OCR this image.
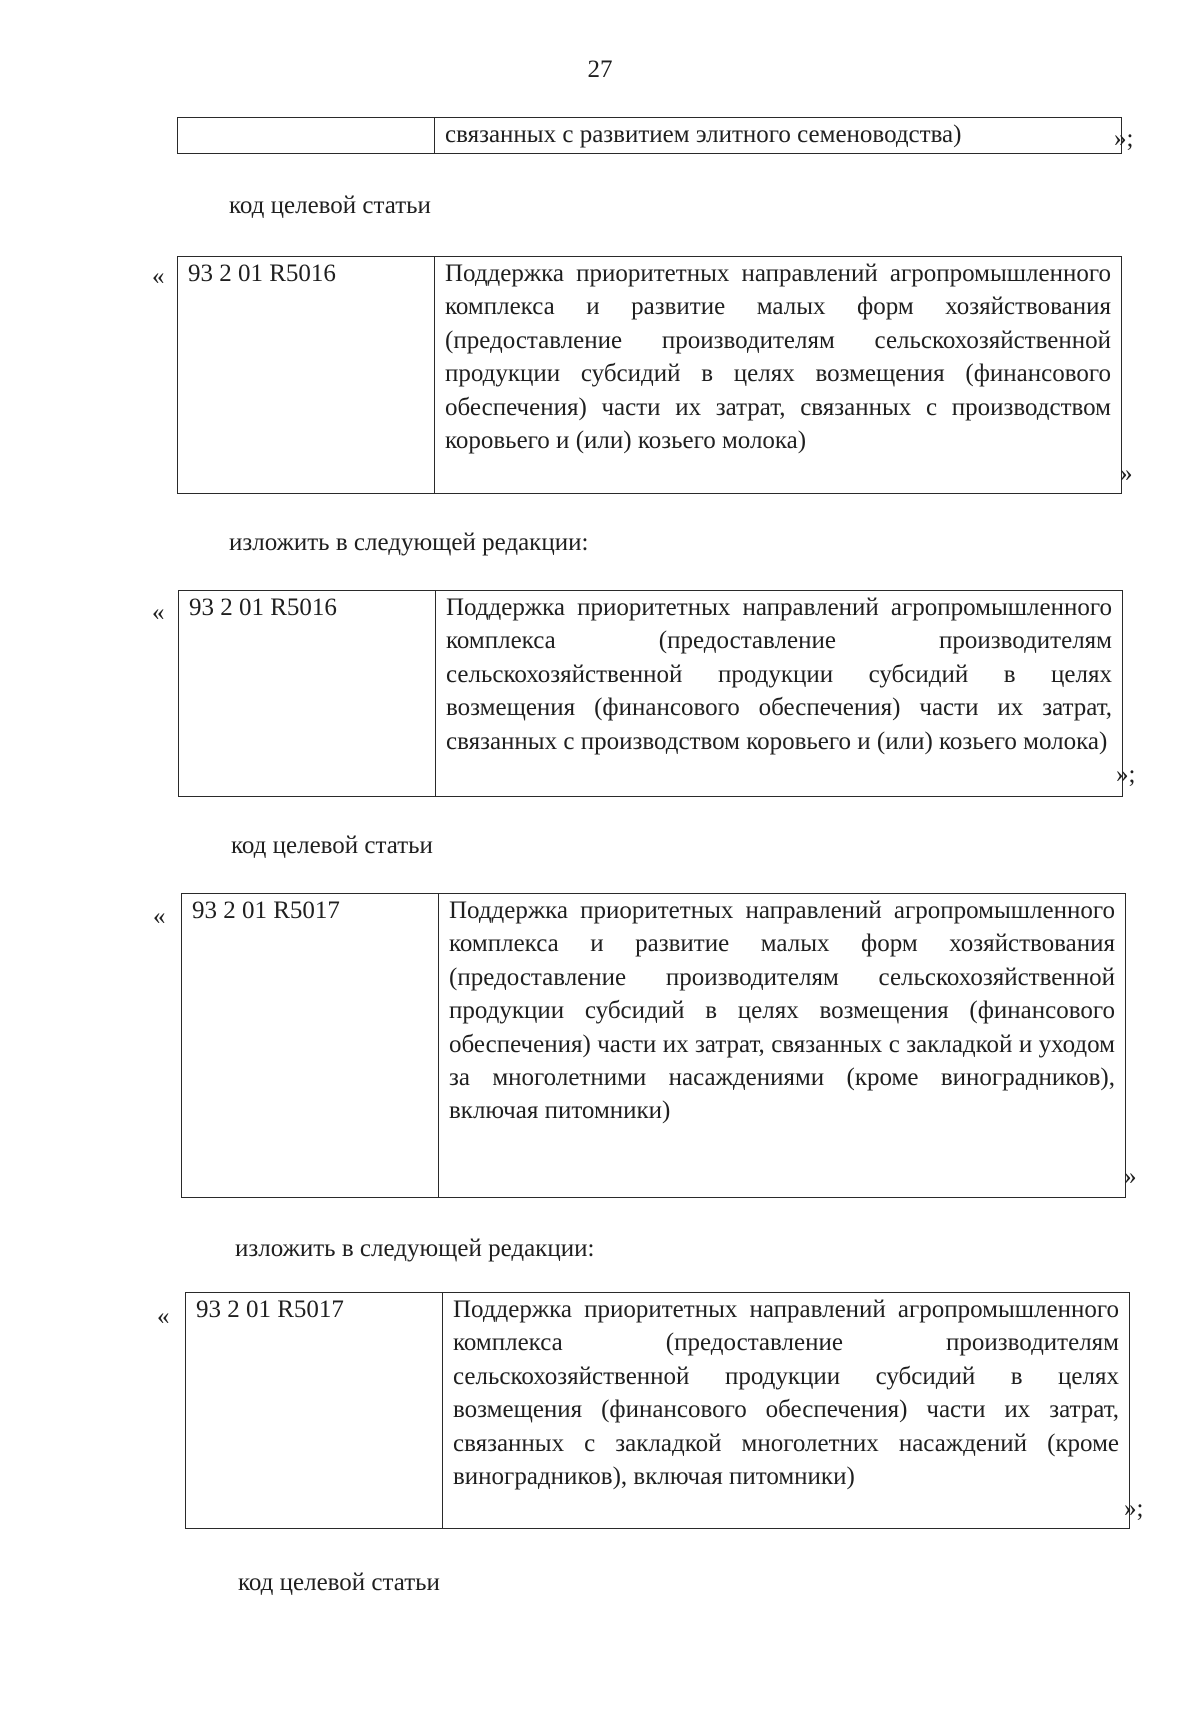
27
	связанных с развитием элитного семеноводства)	»;
код целевой статьи
« 93 2 01 R5016	Поддержка приоритетных направлений агропромышленного комплекса и развитие малых форм хозяйствования (предоставление производителям сельскохозяйственной продукции субсидий в целях возмещения (финансового обеспечения) части их затрат, связанных с производством коровьего и (или) козьего молока)
»
изложить в следующей редакции:
« 93 2 01 R5016	Поддержка приоритетных направлений агропромышленного комплекса (предоставление производителям сельскохозяйственной продукции субсидий в целях возмещения (финансового обеспечения) части их затрат, связанных с производством коровьего и (или) козьего молока)
»;
код целевой статьи
« 93 2 01 R5017	Поддержка приоритетных направлений агропромышленного комплекса и развитие малых форм хозяйствования (предоставление производителям сельскохозяйственной продукции субсидий в целях возмещения (финансового обеспечения) части их затрат, связанных с закладкой и уходом за многолетними насаждениями (кроме виноградников), включая питомники)
»
изложить в следующей редакции:
« 93 2 01 R5017	Поддержка приоритетных направлений агропромышленного комплекса (предоставление производителям сельскохозяйственной продукции субсидий в целях возмещения (финансового обеспечения) части их затрат, связанных с закладкой многолетних насаждений (кроме виноградников), включая питомники)
»;
код целевой статьи
